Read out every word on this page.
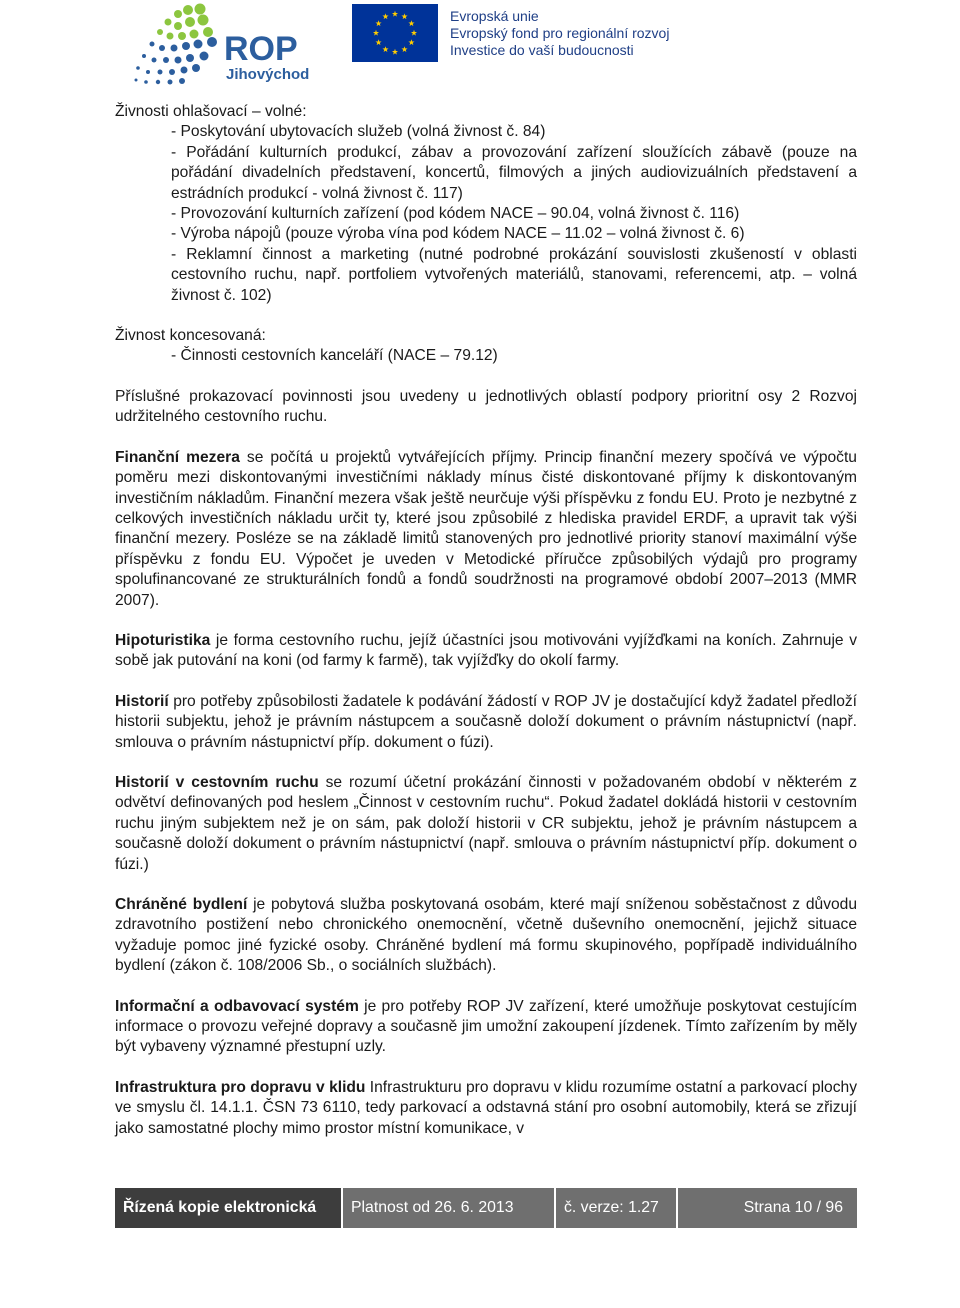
ROP
Jihovýchod
Evropská unie
Evropský fond pro regionální rozvoj
Investice do vaší budoucnosti

Živnosti ohlašovací – volné:

- Poskytování ubytovacích služeb (volná živnost č. 84)
- Pořádání kulturních produkcí, zábav a provozování zařízení sloužících zábavě (pouze na pořádání divadelních představení, koncertů, filmových a jiných audiovizuálních představení a estrádních produkcí - volná živnost č. 117)
- Provozování kulturních zařízení (pod kódem NACE – 90.04, volná živnost č. 116)
- Výroba nápojů (pouze výroba vína pod kódem NACE – 11.02 – volná živnost č. 6)
- Reklamní činnost a marketing (nutné podrobné prokázání souvislosti zkušeností v oblasti cestovního ruchu, např. portfoliem vytvořených materiálů, stanovami, referencemi, atp. – volná živnost č. 102)

Živnost koncesovaná:

- Činnosti cestovních kanceláří (NACE – 79.12)

Příslušné prokazovací povinnosti jsou uvedeny u jednotlivých oblastí podpory prioritní osy 2 Rozvoj udržitelného cestovního ruchu.

Finanční mezera se počítá u projektů vytvářejících příjmy. Princip finanční mezery spočívá ve výpočtu poměru mezi diskontovanými investičními náklady mínus čisté diskontované příjmy k diskontovaným investičním nákladům. Finanční mezera však ještě neurčuje výši příspěvku z fondu EU. Proto je nezbytné z celkových investičních nákladu určit ty, které jsou způsobilé z hlediska pravidel ERDF, a upravit tak výši finanční mezery. Posléze se na základě limitů stanovených pro jednotlivé priority stanoví maximální výše příspěvku z fondu EU. Výpočet je uveden v Metodické příručce způsobilých výdajů pro programy spolufinancované ze strukturálních fondů a fondů soudržnosti na programové období 2007–2013 (MMR 2007).

Hipoturistika je forma cestovního ruchu, jejíž účastníci jsou motivováni vyjížďkami na koních. Zahrnuje v sobě jak putování na koni (od farmy k farmě), tak vyjížďky do okolí farmy.

Historií pro potřeby způsobilosti žadatele k podávání žádostí v ROP JV je dostačující když žadatel předloží historii subjektu, jehož je právním nástupcem a současně doloží dokument o právním nástupnictví (např. smlouva o právním nástupnictví příp. dokument o fúzi).

Historií v cestovním ruchu se rozumí účetní prokázání činnosti v požadovaném období v některém z odvětví definovaných pod heslem „Činnost v cestovním ruchu“. Pokud žadatel dokládá historii v cestovním ruchu jiným subjektem než je on sám, pak doloží historii v CR subjektu, jehož je právním nástupcem a současně doloží dokument o právním nástupnictví (např. smlouva o právním nástupnictví příp. dokument o fúzi.)

Chráněné bydlení je pobytová služba poskytovaná osobám, které mají sníženou soběstačnost z důvodu zdravotního postižení nebo chronického onemocnění, včetně duševního onemocnění, jejichž situace vyžaduje pomoc jiné fyzické osoby. Chráněné bydlení má formu skupinového, popřípadě individuálního bydlení (zákon č. 108/2006 Sb., o sociálních službách).

Informační a odbavovací systém je pro potřeby ROP JV zařízení, které umožňuje poskytovat cestujícím informace o provozu veřejné dopravy a současně jim umožní zakoupení jízdenek. Tímto zařízením by měly být vybaveny významné přestupní uzly.

Infrastruktura pro dopravu v klidu Infrastrukturu pro dopravu v klidu rozumíme ostatní a parkovací plochy ve smyslu čl. 14.1.1. ČSN 73 6110, tedy parkovací a odstavná stání pro osobní automobily, která se zřizují jako samostatné plochy mimo prostor místní komunikace, v

Řízená kopie elektronická	Platnost od 26. 6. 2013	č. verze: 1.27	Strana 10 / 96
